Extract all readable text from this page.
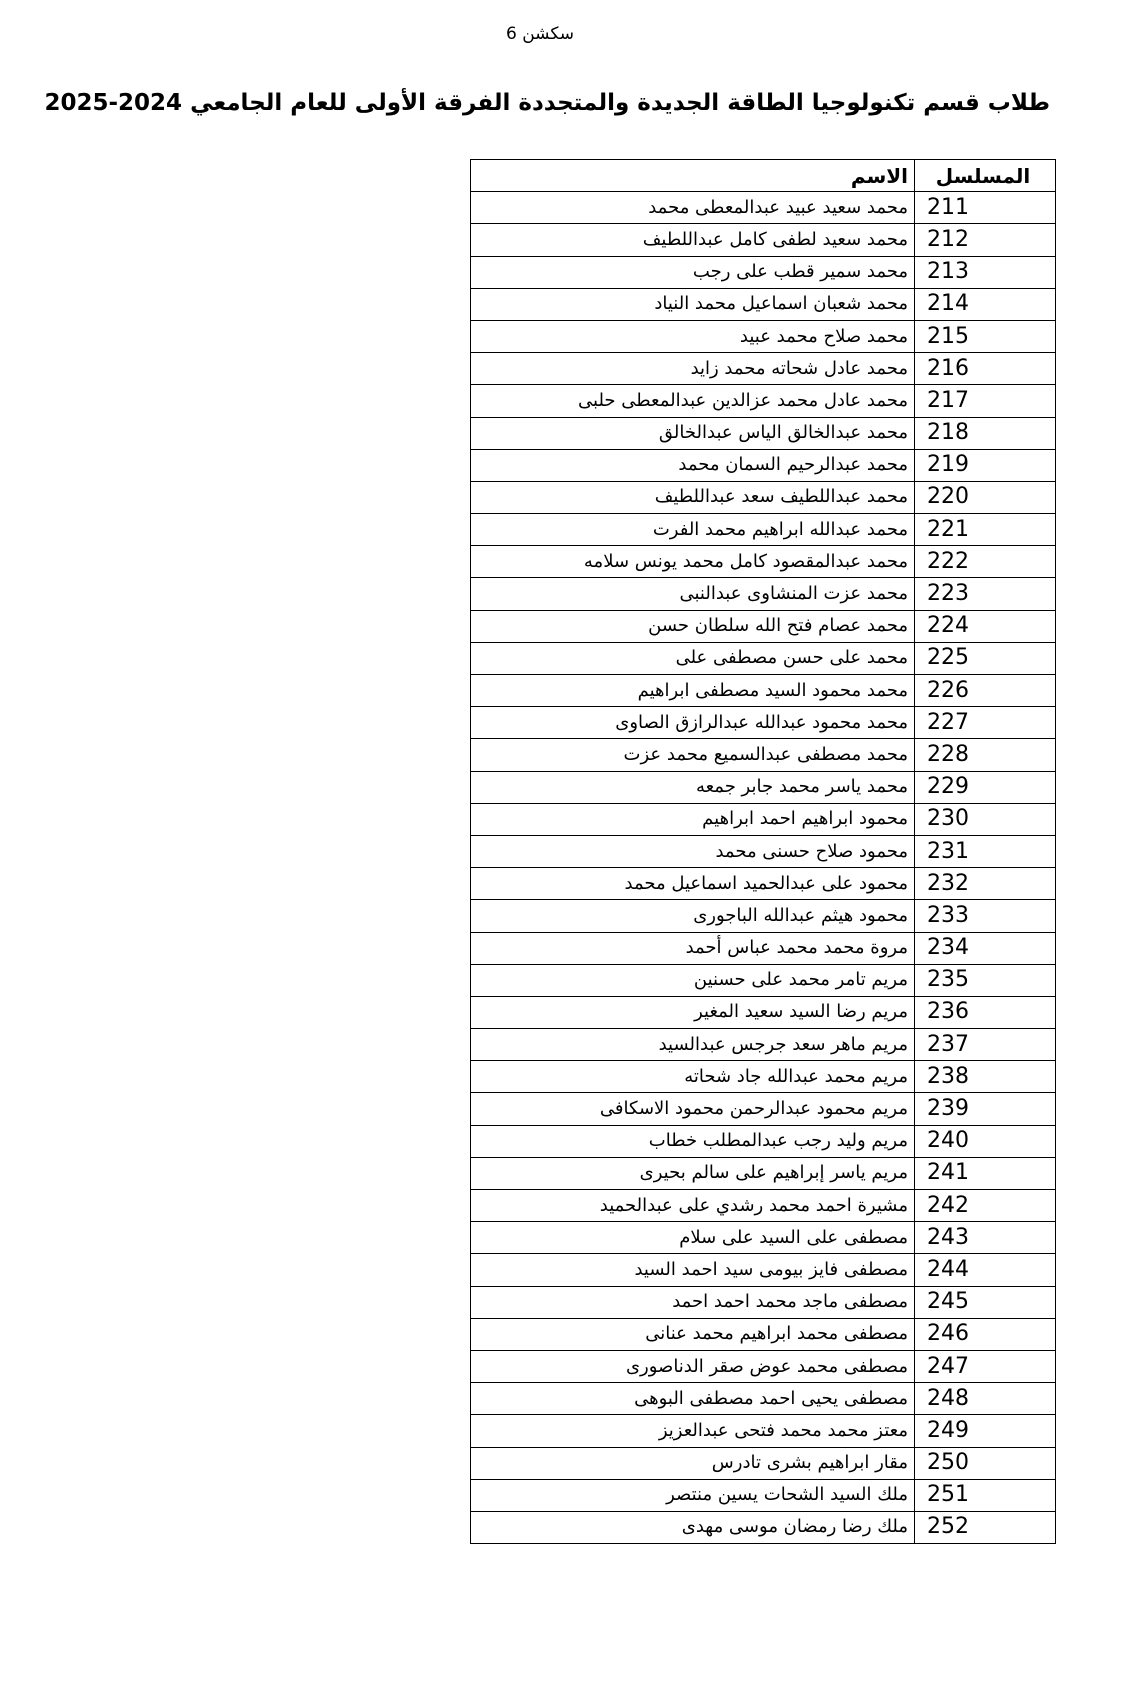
سكشن 6
طلاب قسم تكنولوجيا الطاقة الجديدة والمتجددة الفرقة الأولى للعام الجامعي 2024-2025
المسلسل	الاسم
211	محمد سعيد عبيد عبدالمعطى محمد
212	محمد سعيد لطفى كامل عبداللطيف
213	محمد سمير قطب على رجب
214	محمد شعبان اسماعيل محمد النياد
215	محمد صلاح محمد عبيد
216	محمد عادل شحاته محمد زايد
217	محمد عادل محمد عزالدين عبدالمعطى حلبى
218	محمد عبدالخالق الياس عبدالخالق
219	محمد عبدالرحيم السمان محمد
220	محمد عبداللطيف سعد عبداللطيف
221	محمد عبدالله ابراهيم محمد الفرت
222	محمد عبدالمقصود كامل محمد يونس سلامه
223	محمد عزت المنشاوى عبدالنبى
224	محمد عصام فتح الله سلطان حسن
225	محمد على حسن مصطفى على
226	محمد محمود السيد مصطفى ابراهيم
227	محمد محمود عبدالله عبدالرازق الصاوى
228	محمد مصطفى عبدالسميع محمد عزت
229	محمد ياسر محمد جابر جمعه
230	محمود ابراهيم احمد ابراهيم
231	محمود صلاح حسنى محمد
232	محمود على عبدالحميد اسماعيل محمد
233	محمود هيثم عبدالله الباجورى
234	مروة محمد محمد عباس أحمد
235	مريم تامر محمد على حسنين
236	مريم رضا السيد سعيد المغير
237	مريم ماهر سعد جرجس عبدالسيد
238	مريم محمد عبدالله جاد شحاته
239	مريم محمود عبدالرحمن محمود الاسكافى
240	مريم وليد رجب عبدالمطلب خطاب
241	مريم ياسر إبراهيم على سالم بحيرى
242	مشيرة احمد محمد رشدي على عبدالحميد
243	مصطفى على السيد على سلام
244	مصطفى فايز بيومى سيد احمد السيد
245	مصطفى ماجد محمد احمد احمد
246	مصطفى محمد ابراهيم محمد عنانى
247	مصطفى محمد عوض صقر الدناصورى
248	مصطفى يحيى احمد مصطفى البوهى
249	معتز محمد محمد فتحى عبدالعزيز
250	مقار ابراهيم بشرى تادرس
251	ملك السيد الشحات يسين منتصر
252	ملك رضا رمضان موسى مهدى
